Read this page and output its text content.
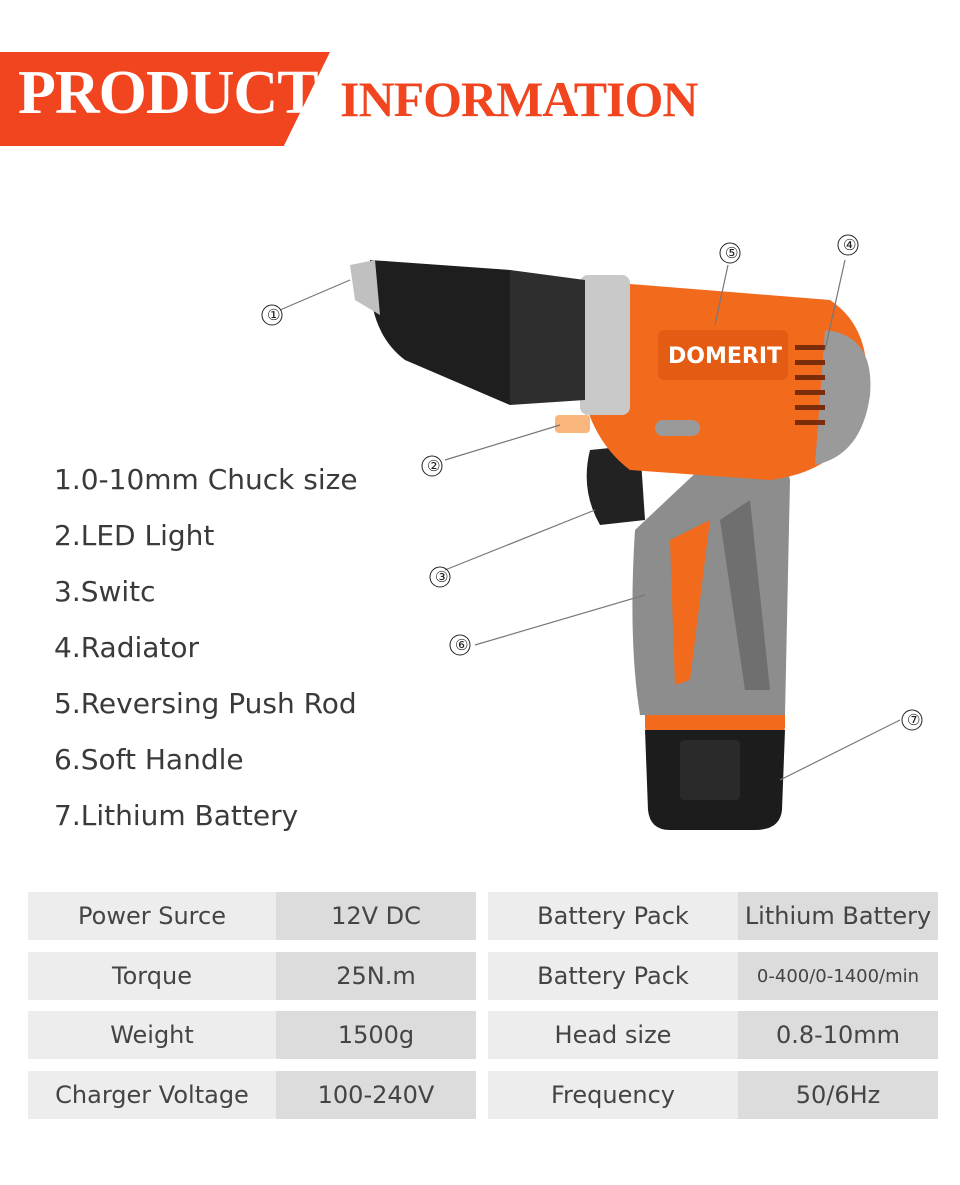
PRODUCT INFORMATION
1.0-10mm Chuck size
2.LED Light
3.Switc
4.Radiator
5.Reversing Push Rod
6.Soft Handle
7.Lithium Battery
DOMERIT
①
②
③
④
⑤
⑥
⑦
Power Surce	12V DC	Battery Pack	Lithium Battery
Torque	25N.m	Battery Pack	0-400/0-1400/min
Weight	1500g	Head size	0.8-10mm
Charger Voltage	100-240V	Frequency	50/6Hz
